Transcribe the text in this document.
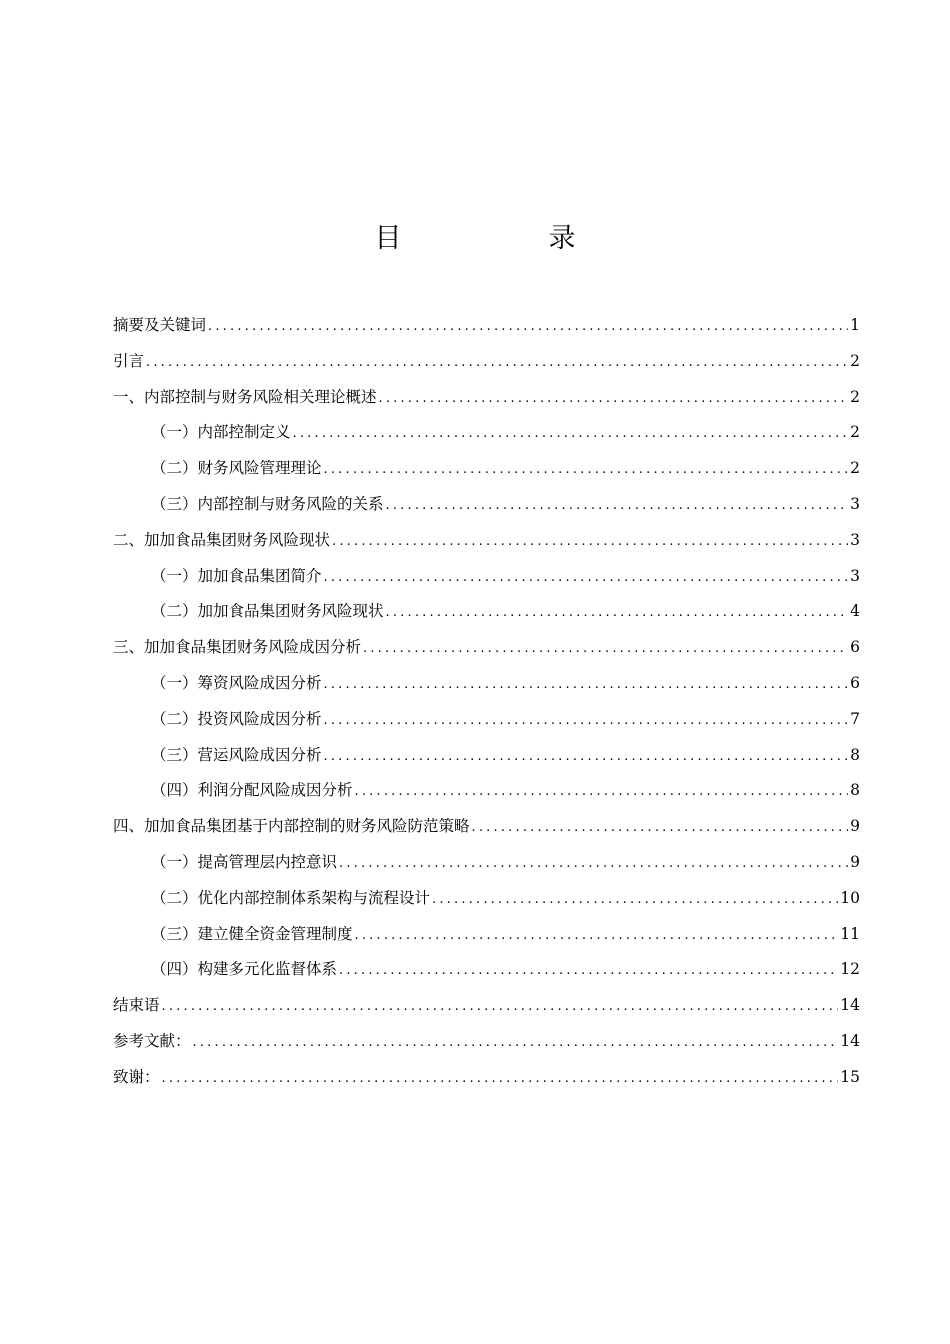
目　录
摘要及关键词 .....	1
引言 .....	2
一、内部控制与财务风险相关理论概述 .....	2
（一）内部控制定义 .....	2
（二）财务风险管理理论 .....	2
（三）内部控制与财务风险的关系 .....	3
二、加加食品集团财务风险现状 .....	3
（一）加加食品集团简介 .....	3
（二）加加食品集团财务风险现状 .....	4
三、加加食品集团财务风险成因分析 .....	6
（一）筹资风险成因分析 .....	6
（二）投资风险成因分析 .....	7
（三）营运风险成因分析 .....	8
（四）利润分配风险成因分析 .....	8
四、加加食品集团基于内部控制的财务风险防范策略 .....	9
（一）提高管理层内控意识 .....	9
（二）优化内部控制体系架构与流程设计 .....	10
（三）建立健全资金管理制度 .....	11
（四）构建多元化监督体系 .....	12
结束语 .....	14
参考文献： .....	14
致谢： .....	15
